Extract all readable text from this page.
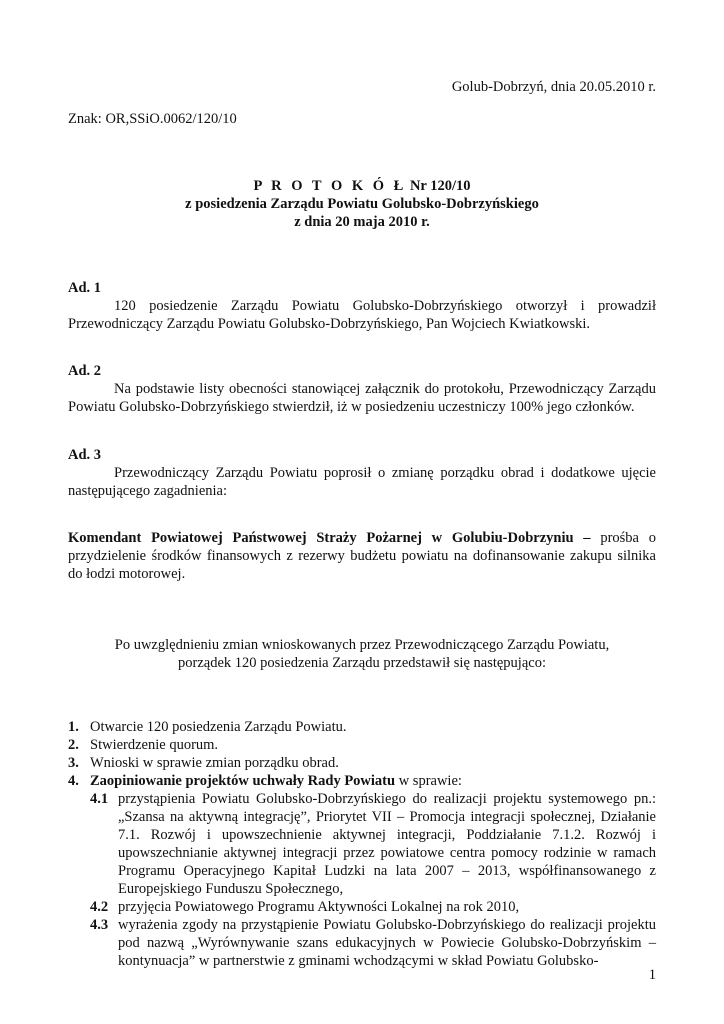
Golub-Dobrzyń, dnia 20.05.2010 r.
Znak: OR,SSiO.0062/120/10
P R O T O K Ó Ł Nr 120/10
z posiedzenia Zarządu Powiatu Golubsko-Dobrzyńskiego
z dnia 20 maja 2010 r.
Ad. 1
120 posiedzenie Zarządu Powiatu Golubsko-Dobrzyńskiego otworzył i prowadził Przewodniczący Zarządu Powiatu Golubsko-Dobrzyńskiego, Pan Wojciech Kwiatkowski.
Ad. 2
Na podstawie listy obecności stanowiącej załącznik do protokołu, Przewodniczący Zarządu Powiatu Golubsko-Dobrzyńskiego stwierdził, iż w posiedzeniu uczestniczy 100% jego członków.
Ad. 3
Przewodniczący Zarządu Powiatu poprosił o zmianę porządku obrad i dodatkowe ujęcie następującego zagadnienia:
Komendant Powiatowej Państwowej Straży Pożarnej w Golubiu-Dobrzyniu – prośba o przydzielenie środków finansowych z rezerwy budżetu powiatu na dofinansowanie zakupu silnika do łodzi motorowej.
Po uwzględnieniu zmian wnioskowanych przez Przewodniczącego Zarządu Powiatu,
porządek 120 posiedzenia Zarządu przedstawił się następująco:
1. Otwarcie 120 posiedzenia Zarządu Powiatu.
2. Stwierdzenie quorum.
3. Wnioski w sprawie zmian porządku obrad.
4. Zaopiniowanie projektów uchwały Rady Powiatu w sprawie:
4.1 przystąpienia Powiatu Golubsko-Dobrzyńskiego do realizacji projektu systemowego pn.: „Szansa na aktywną integrację”, Priorytet VII – Promocja integracji społecznej, Działanie 7.1. Rozwój i upowszechnienie aktywnej integracji, Poddziałanie 7.1.2. Rozwój i upowszechnianie aktywnej integracji przez powiatowe centra pomocy rodzinie w ramach Programu Operacyjnego Kapitał Ludzki na lata 2007 – 2013, współfinansowanego z Europejskiego Funduszu Społecznego,
4.2 przyjęcia Powiatowego Programu Aktywności Lokalnej na rok 2010,
4.3 wyrażenia zgody na przystąpienie Powiatu Golubsko-Dobrzyńskiego do realizacji projektu pod nazwą „Wyrównywanie szans edukacyjnych w Powiecie Golubsko-Dobrzyńskim – kontynuacja” w partnerstwie z gminami wchodzącymi w skład Powiatu Golubsko-
1
